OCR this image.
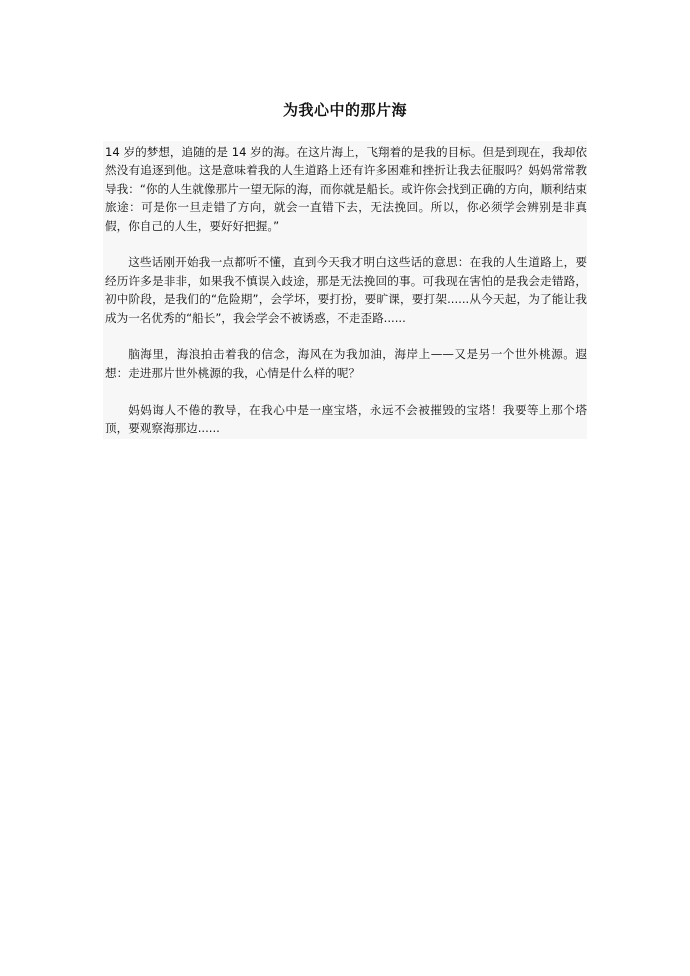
为我心中的那片海

14 岁的梦想，追随的是 14 岁的海。在这片海上，飞翔着的是我的目标。但是到现在，我却依然没有追逐到他。这是意味着我的人生道路上还有许多困难和挫折让我去征服吗？妈妈常常教导我：“你的人生就像那片一望无际的海，而你就是船长。或许你会找到正确的方向，顺利结束旅途：可是你一旦走错了方向，就会一直错下去，无法挽回。所以，你必须学会辨别是非真假，你自己的人生，要好好把握。”

这些话刚开始我一点都听不懂，直到今天我才明白这些话的意思：在我的人生道路上，要经历许多是非非，如果我不慎误入歧途，那是无法挽回的事。可我现在害怕的是我会走错路，初中阶段，是我们的“危险期”，会学坏，要打扮，要旷课，要打架......从今天起，为了能让我成为一名优秀的“船长”，我会学会不被诱惑，不走歪路......

脑海里，海浪拍击着我的信念，海风在为我加油，海岸上——又是另一个世外桃源。遐想：走进那片世外桃源的我，心情是什么样的呢？

妈妈诲人不倦的教导，在我心中是一座宝塔，永远不会被摧毁的宝塔！我要等上那个塔顶，要观察海那边......
